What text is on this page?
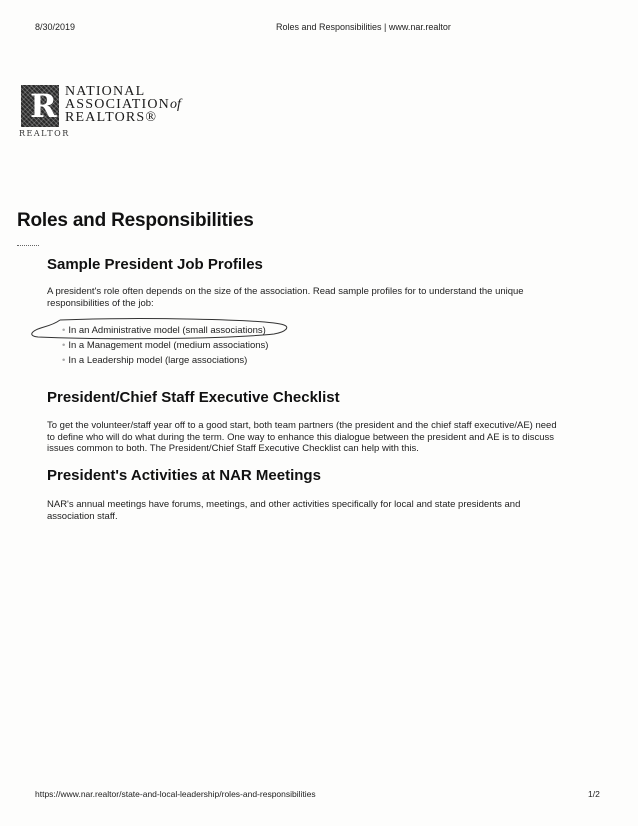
8/30/2019	Roles and Responsibilities | www.nar.realtor
R
REALTOR
NATIONAL
ASSOCIATIONof
REALTORS®
Roles and Responsibilities
Sample President Job Profiles
A president's role often depends on the size of the association. Read sample profiles for to understand the unique responsibilities of the job:
• In an Administrative model (small associations)
• In a Management model (medium associations)
• In a Leadership model (large associations)
President/Chief Staff Executive Checklist
To get the volunteer/staff year off to a good start, both team partners (the president and the chief staff executive/AE) need to define who will do what during the term. One way to enhance this dialogue between the president and AE is to discuss issues common to both. The President/Chief Staff Executive Checklist can help with this.
President's Activities at NAR Meetings
NAR's annual meetings have forums, meetings, and other activities specifically for local and state presidents and association staff.
https://www.nar.realtor/state-and-local-leadership/roles-and-responsibilities	1/2
